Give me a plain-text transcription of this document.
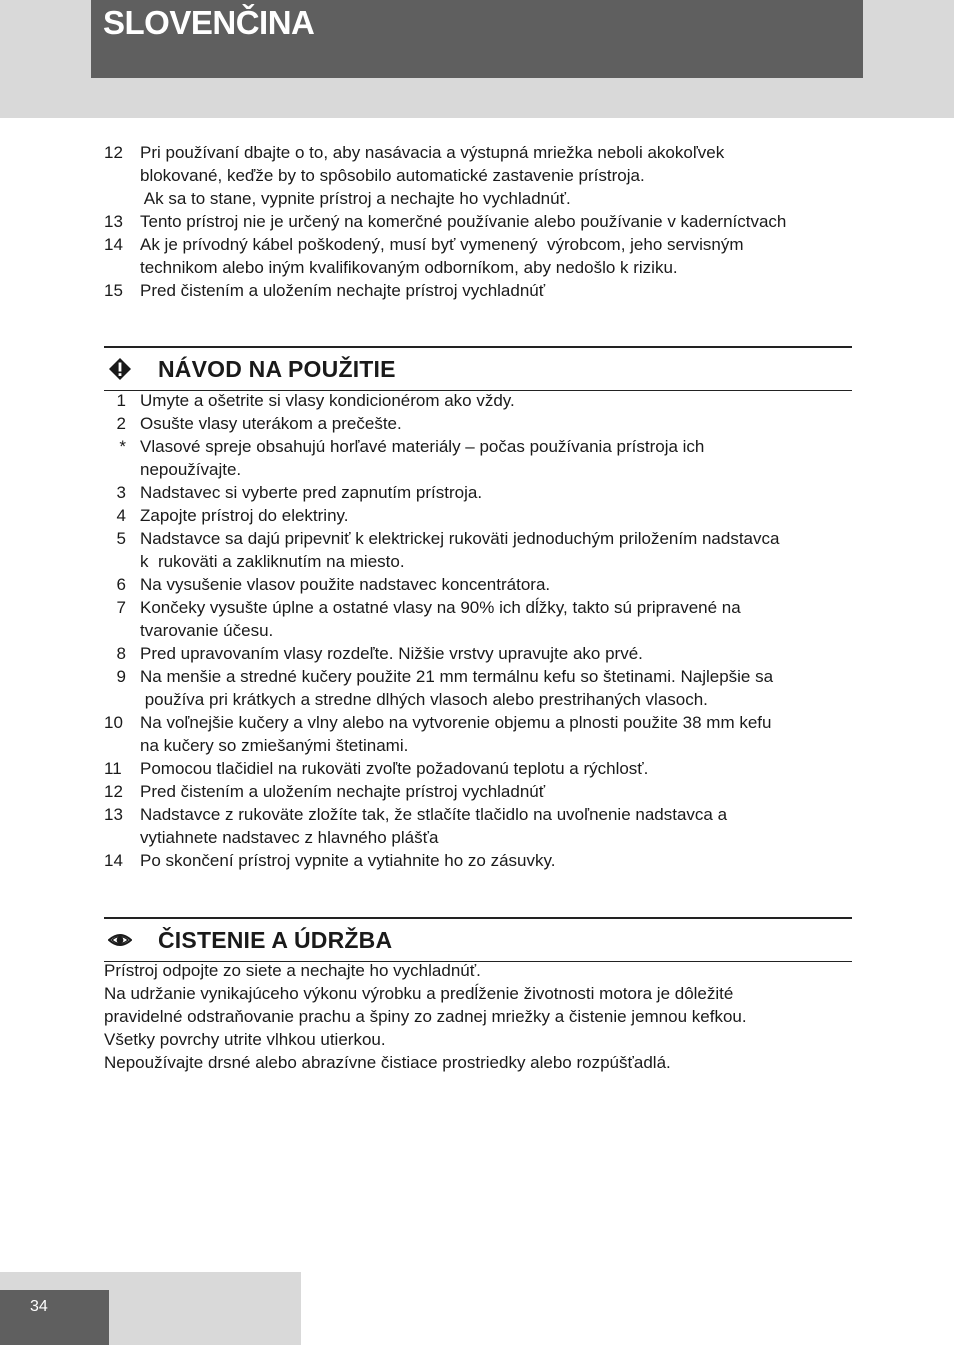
SLOVENČINA
12	Pri používaní dbajte o to, aby nasávacia a výstupná mriežka neboli akokoľvek
blokované, keďže by to spôsobilo automatické zastavenie prístroja.
Ak sa to stane, vypnite prístroj a nechajte ho vychladnúť.
13	Tento prístroj nie je určený na komerčné používanie alebo používanie v kaderníctvach
14	Ak je prívodný kábel poškodený, musí byť vymenený  výrobcom, jeho servisným
technikom alebo iným kvalifikovaným odborníkom, aby nedošlo k riziku.
15	Pred čistením a uložením nechajte prístroj vychladnúť
NÁVOD NA POUŽITIE
1 Umyte a ošetrite si vlasy kondicionérom ako vždy.
2 Osušte vlasy uterákom a prečešte.
* Vlasové spreje obsahujú horľavé materiály – počas používania prístroja ich
nepoužívajte.
3 Nadstavec si vyberte pred zapnutím prístroja.
4 Zapojte prístroj do elektriny.
5 Nadstavce sa dajú pripevniť k elektrickej rukoväti jednoduchým priložením nadstavca
k  rukoväti a zakliknutím na miesto.
6 Na vysušenie vlasov použite nadstavec koncentrátora.
7 Končeky vysušte úplne a ostatné vlasy na 90% ich dĺžky, takto sú pripravené na
tvarovanie účesu.
8 Pred upravovaním vlasy rozdeľte. Nižšie vrstvy upravujte ako prvé.
9 Na menšie a stredné kučery použite 21 mm termálnu kefu so štetinami. Najlepšie sa
používa pri krátkych a stredne dlhých vlasoch alebo prestrihaných vlasoch.
10	Na voľnejšie kučery a vlny alebo na vytvorenie objemu a plnosti použite 38 mm kefu
na kučery so zmiešanými štetinami.
11	Pomocou tlačidiel na rukoväti zvoľte požadovanú teplotu a rýchlosť.
12	Pred čistením a uložením nechajte prístroj vychladnúť
13	Nadstavce z rukoväte zložíte tak, že stlačíte tlačidlo na uvoľnenie nadstavca a
vytiahnete nadstavec z hlavného plášťa
14	Po skončení prístroj vypnite a vytiahnite ho zo zásuvky.
ČISTENIE A ÚDRŽBA
Prístroj odpojte zo siete a nechajte ho vychladnúť.
Na udržanie vynikajúceho výkonu výrobku a predĺženie životnosti motora je dôležité
pravidelné odstraňovanie prachu a špiny zo zadnej mriežky a čistenie jemnou kefkou.
Všetky povrchy utrite vlhkou utierkou.
Nepoužívajte drsné alebo abrazívne čistiace prostriedky alebo rozpúšťadlá.
34
